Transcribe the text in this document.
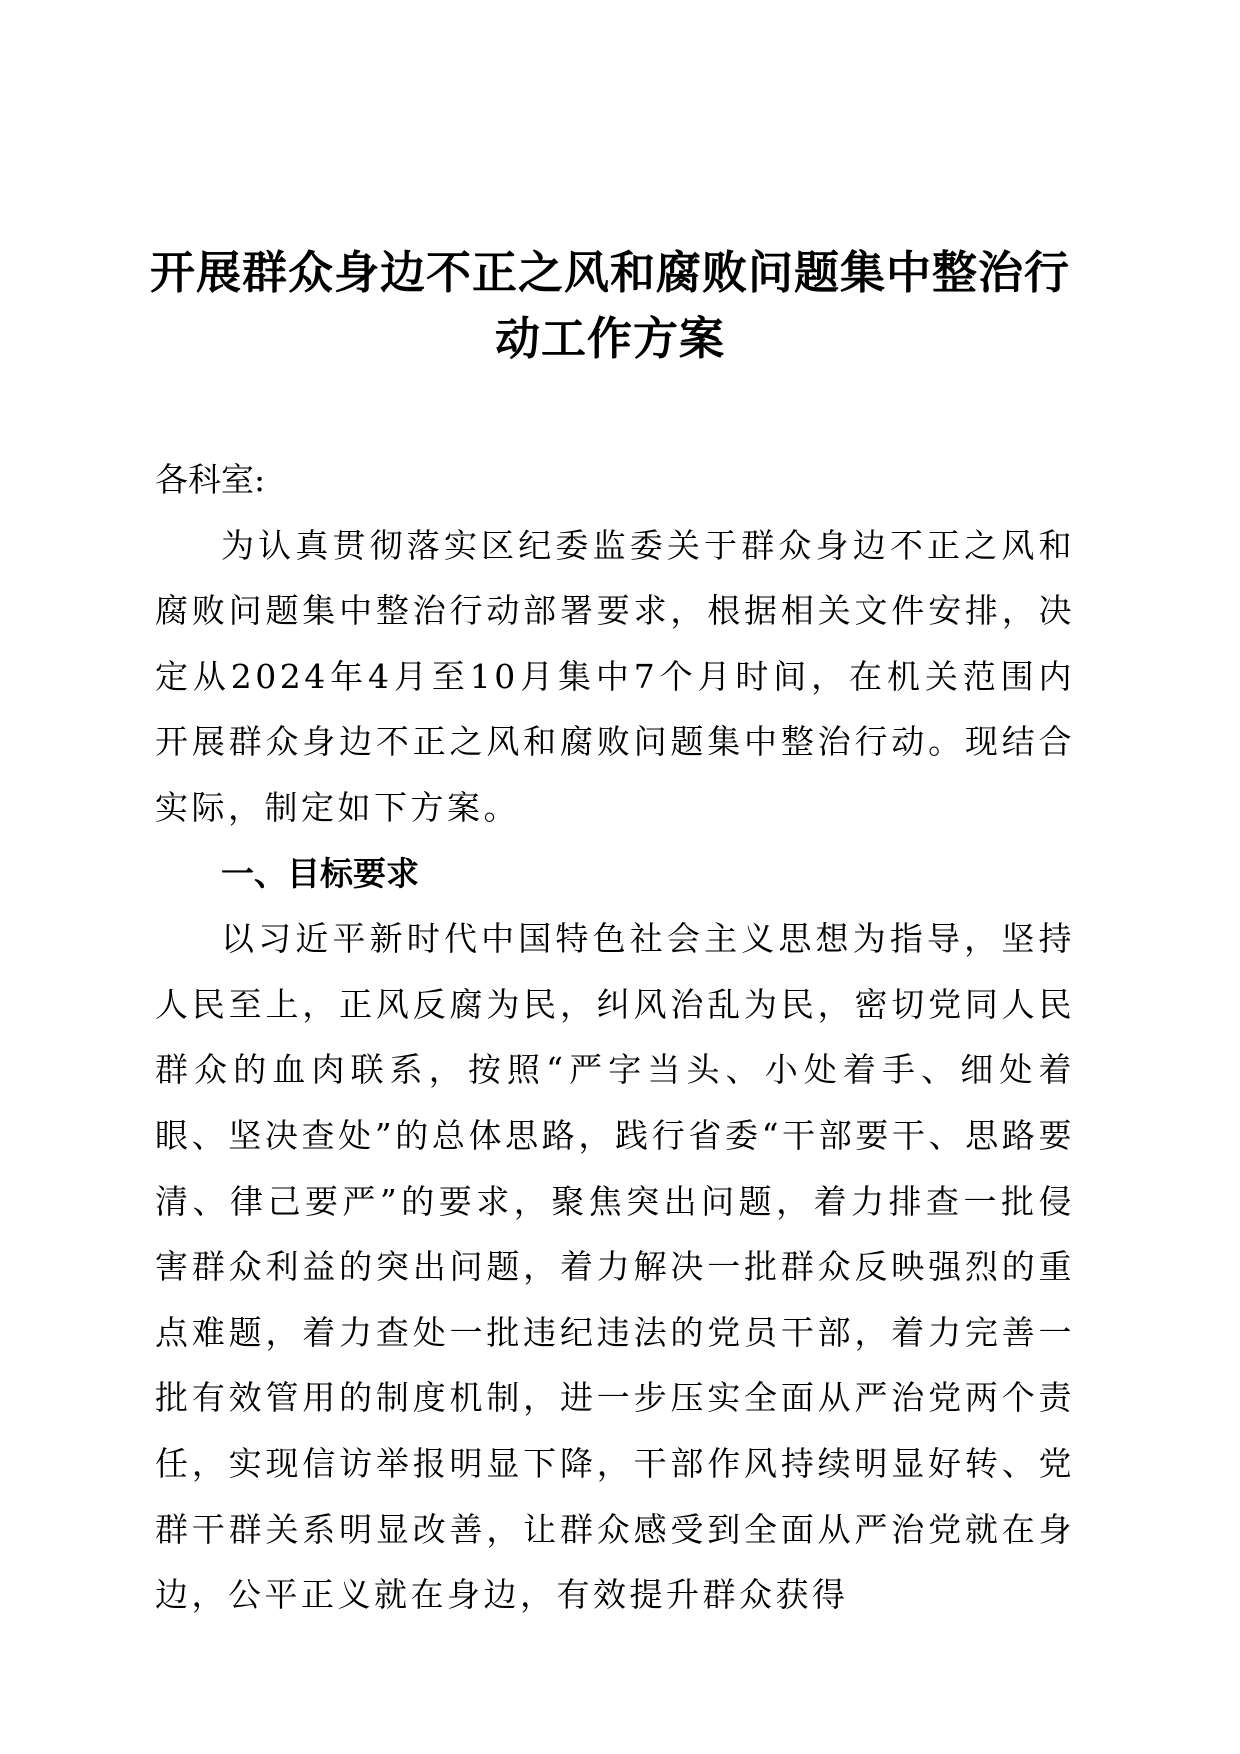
开展群众身边不正之风和腐败问题集中整治行动工作方案

各科室:

为认真贯彻落实区纪委监委关于群众身边不正之风和腐败问题集中整治行动部署要求，根据相关文件安排，决定从2024年4月至10月集中7个月时间，在机关范围内开展群众身边不正之风和腐败问题集中整治行动。现结合实际，制定如下方案。

一、目标要求

以习近平新时代中国特色社会主义思想为指导，坚持人民至上，正风反腐为民，纠风治乱为民，密切党同人民群众的血肉联系，按照“严字当头、小处着手、细处着眼、坚决查处”的总体思路，践行省委“干部要干、思路要清、律己要严”的要求，聚焦突出问题，着力排查一批侵害群众利益的突出问题，着力解决一批群众反映强烈的重点难题，着力查处一批违纪违法的党员干部，着力完善一批有效管用的制度机制，进一步压实全面从严治党两个责任，实现信访举报明显下降，干部作风持续明显好转、党群干群关系明显改善，让群众感受到全面从严治党就在身边，公平正义就在身边，有效提升群众获得
